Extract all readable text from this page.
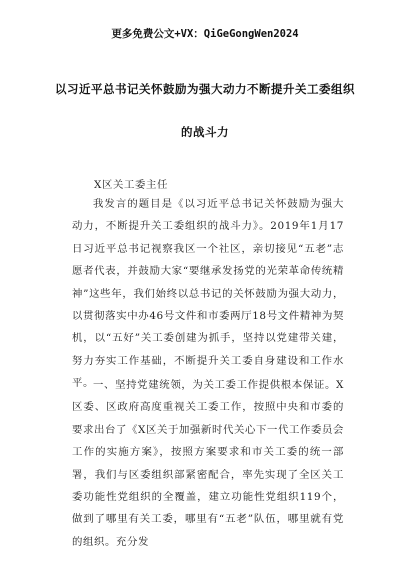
更多免费公文+VX：QiGeGongWen2024
以习近平总书记关怀鼓励为强大动力不断提升关工委组织
的战斗力

X区关工委主任

我发言的题目是《以习近平总书记关怀鼓励为强大动力，不断提升关工委组织的战斗力》。2019年1月17日习近平总书记视察我区一个社区，亲切接见“五老”志愿者代表，并鼓励大家“要继承发扬党的光荣革命传统精神”这些年，我们始终以总书记的关怀鼓励为强大动力，以贯彻落实中办46号文件和市委两厅18号文件精神为契机，以“五好”关工委创建为抓手，坚持以党建带关建，努力夯实工作基础，不断提升关工委自身建设和工作水平。 一、坚持党建统领，为关工委工作提供根本保证。X区委、区政府高度重视关工委工作，按照中央和市委的要求出台了《X区关于加强新时代关心下一代工作委员会工作的实施方案》，按照方案要求和市关工委的统一部署，我们与区委组织部紧密配合，率先实现了全区关工委功能性党组织的全覆盖，建立功能性党组织119个，做到了哪里有关工委，哪里有“五老”队伍，哪里就有党的组织。充分发
